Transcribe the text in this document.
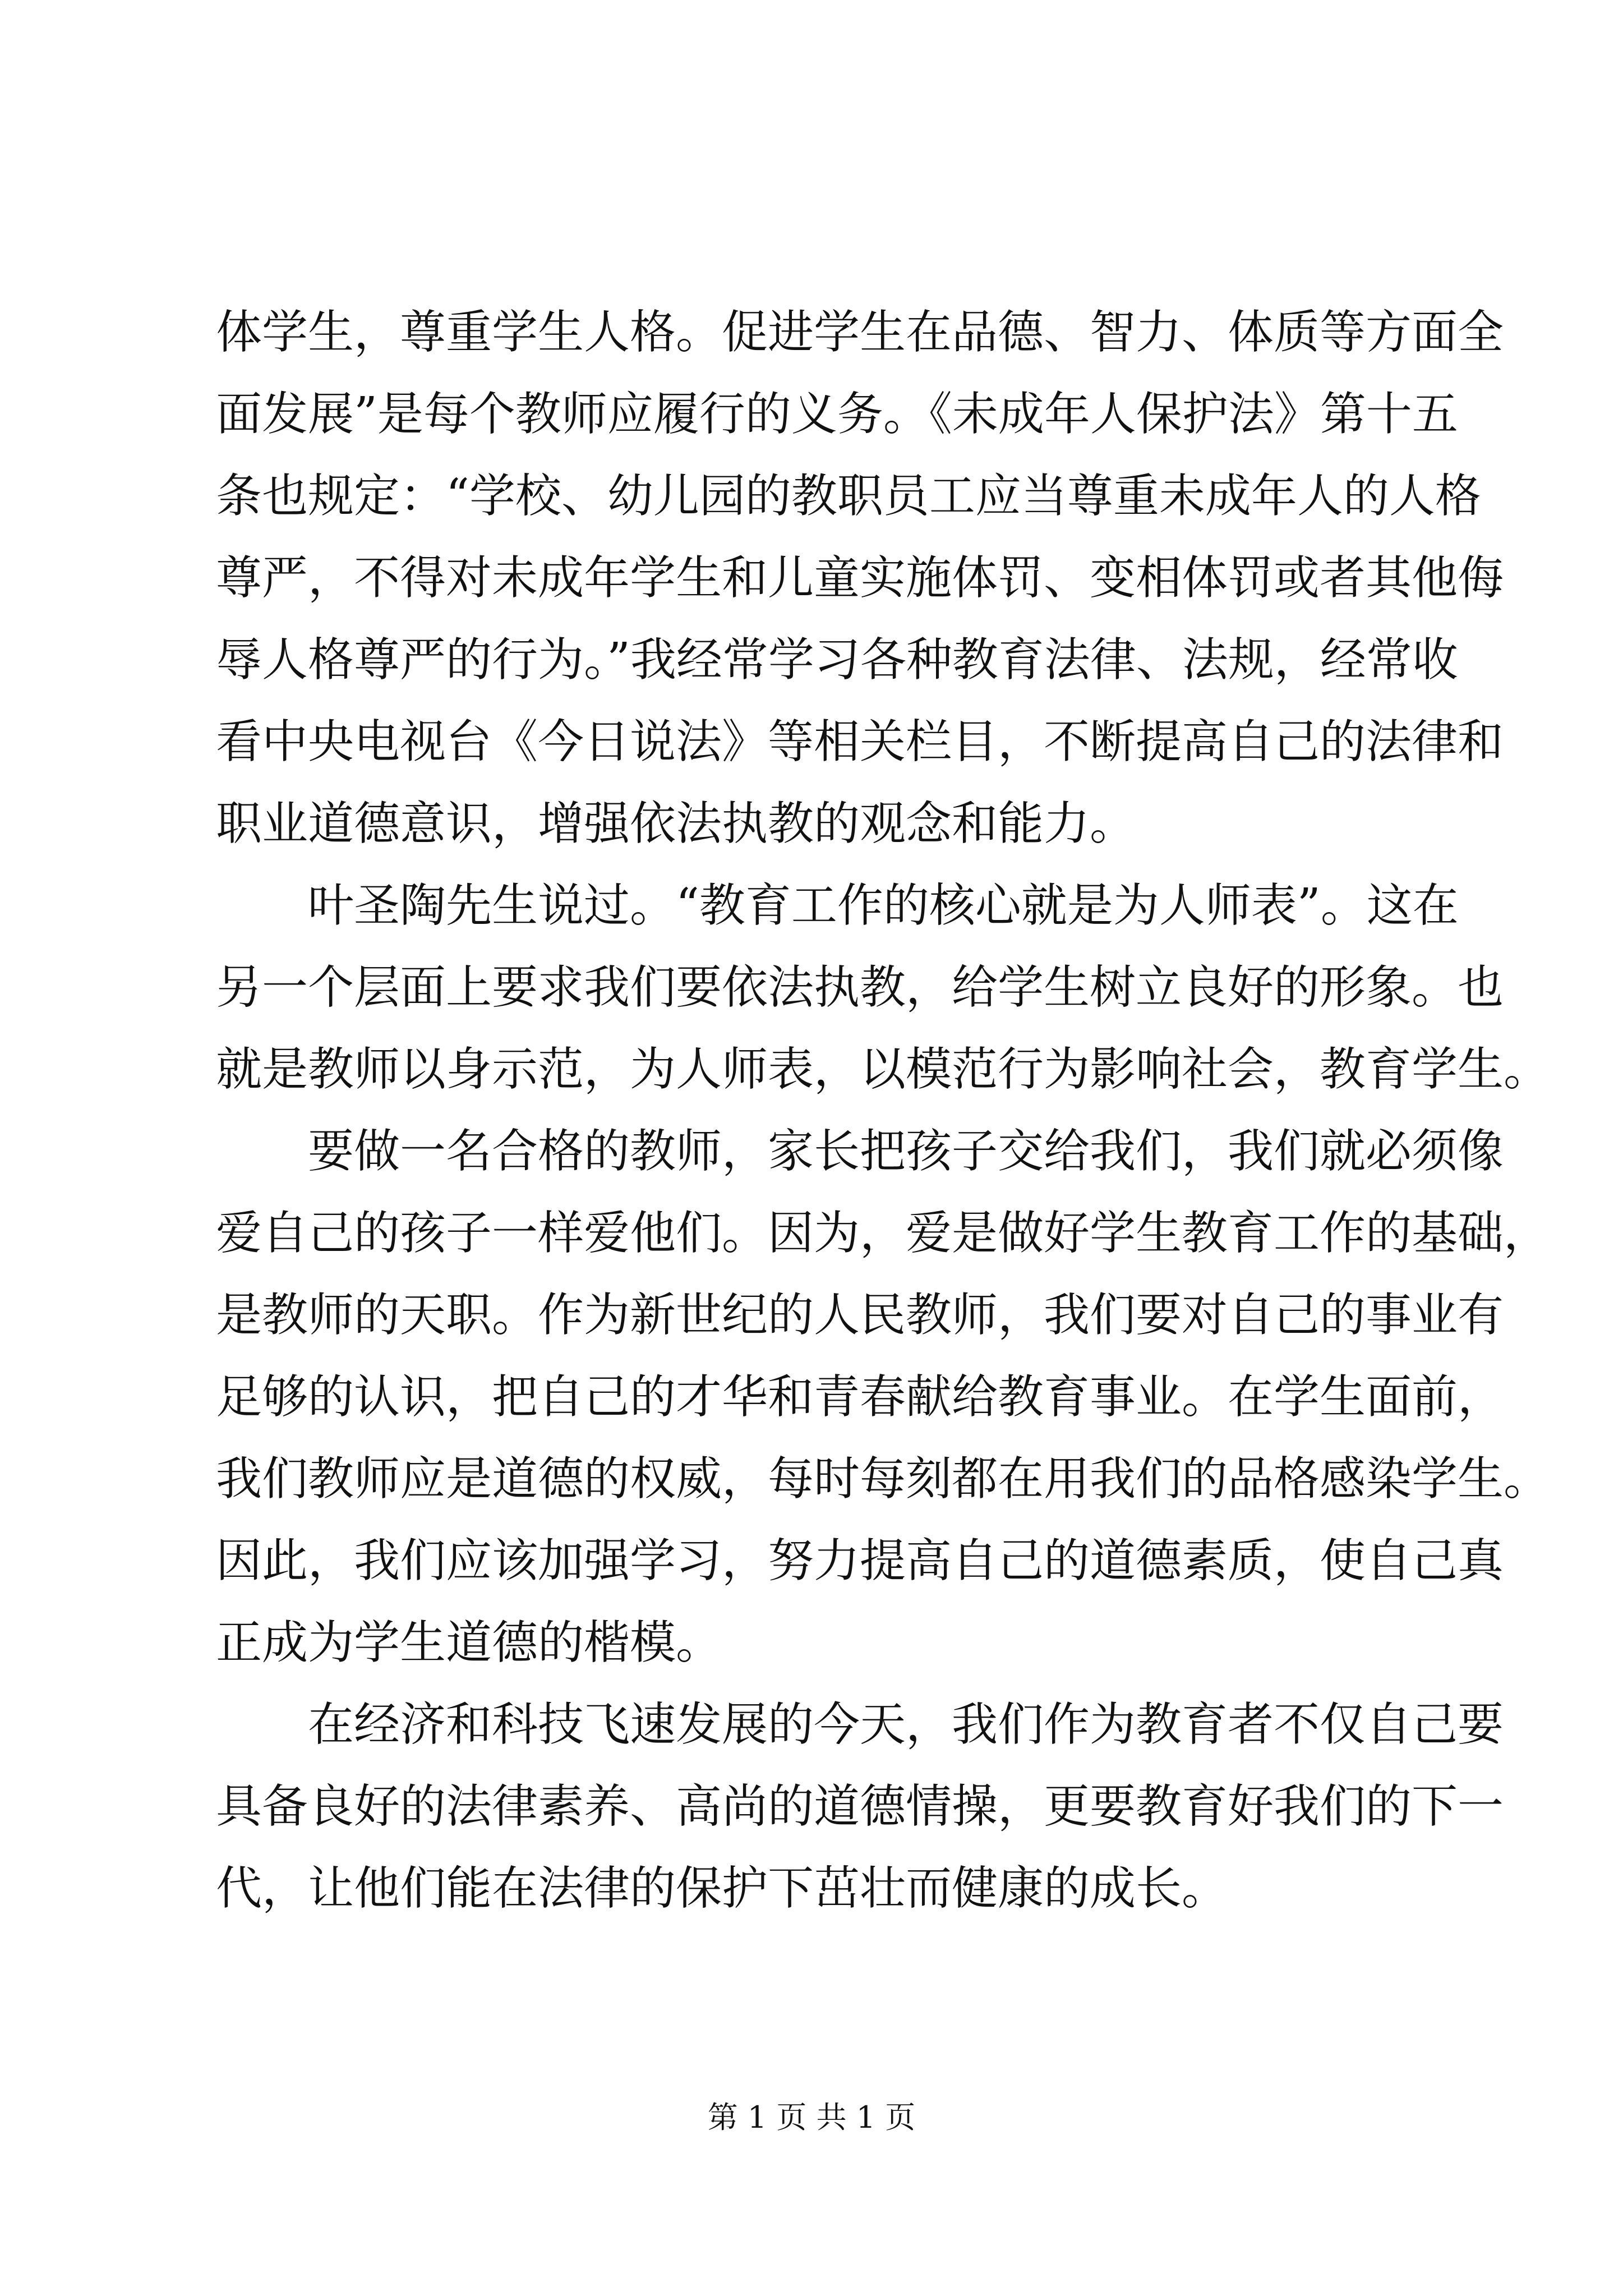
体学生，尊重学生人格。促进学生在品德、智力、体质等方面全
面发展”是每个教师应履行的义务。《未成年人保护法》第十五
条也规定：“学校、幼儿园的教职员工应当尊重未成年人的人格
尊严，不得对未成年学生和儿童实施体罚、变相体罚或者其他侮
辱人格尊严的行为。”我经常学习各种教育法律、法规，经常收
看中央电视台《今日说法》等相关栏目，不断提高自己的法律和
职业道德意识，增强依法执教的观念和能力。
叶圣陶先生说过。“教育工作的核心就是为人师表”。这在
另一个层面上要求我们要依法执教，给学生树立良好的形象。也
就是教师以身示范，为人师表，以模范行为影响社会，教育学生。
要做一名合格的教师，家长把孩子交给我们，我们就必须像
爱自己的孩子一样爱他们。因为，爱是做好学生教育工作的基础，
是教师的天职。作为新世纪的人民教师，我们要对自己的事业有
足够的认识，把自己的才华和青春献给教育事业。在学生面前，
我们教师应是道德的权威，每时每刻都在用我们的品格感染学生。
因此，我们应该加强学习，努力提高自己的道德素质，使自己真
正成为学生道德的楷模。
在经济和科技飞速发展的今天，我们作为教育者不仅自己要
具备良好的法律素养、高尚的道德情操，更要教育好我们的下一
代，让他们能在法律的保护下茁壮而健康的成长。
第 1 页 共 1 页
